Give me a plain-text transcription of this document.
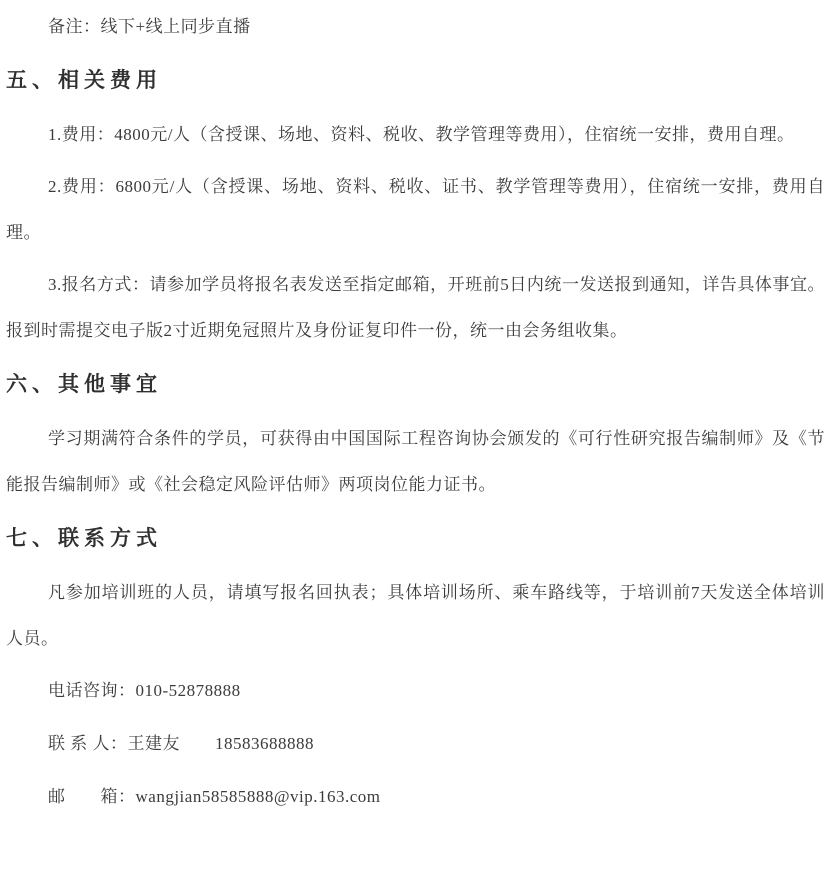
备注：线下+线上同步直播

五、相关费用

1.费用：4800元/人（含授课、场地、资料、税收、教学管理等费用），住宿统一安排，费用自理。

2.费用：6800元/人（含授课、场地、资料、税收、证书、教学管理等费用），住宿统一安排，费用自理。

3.报名方式：请参加学员将报名表发送至指定邮箱，开班前5日内统一发送报到通知，详告具体事宜。报到时需提交电子版2寸近期免冠照片及身份证复印件一份，统一由会务组收集。

六、其他事宜

学习期满符合条件的学员，可获得由中国国际工程咨询协会颁发的《可行性研究报告编制师》及《节能报告编制师》或《社会稳定风险评估师》两项岗位能力证书。

七、联系方式

凡参加培训班的人员，请填写报名回执表；具体培训场所、乘车路线等，于培训前7天发送全体培训人员。

电话咨询：010-52878888

联 系 人：王建友　　18583688888

邮　　箱：wangjian58585888@vip.163.com
